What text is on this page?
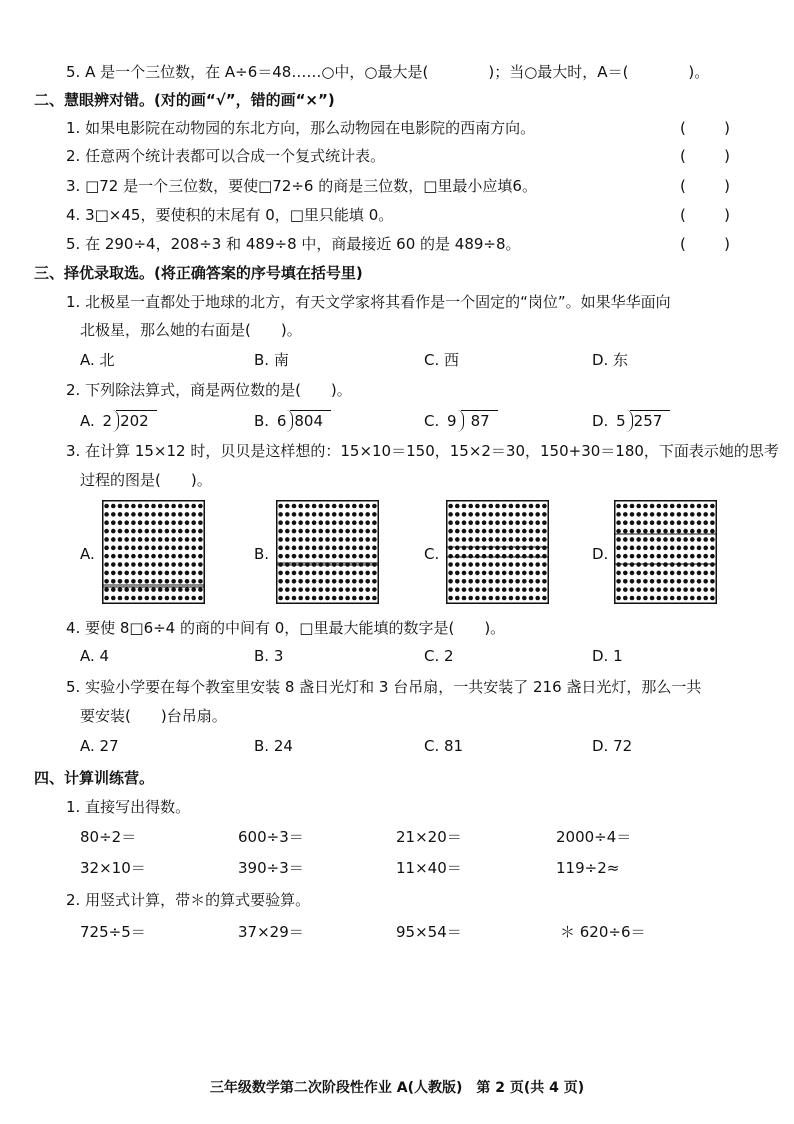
5. A 是一个三位数，在 A÷6＝48……○中，○最大是(　　　　)；当○最大时，A＝(　　　　)。
二、慧眼辨对错。(对的画“√”，错的画“×”)
1. 如果电影院在动物园的东北方向，那么动物园在电影院的西南方向。	(	)
2. 任意两个统计表都可以合成一个复式统计表。	(	)
3. □72 是一个三位数，要使□72÷6 的商是三位数，□里最小应填6。	(	)
4. 3□×45，要使积的末尾有 0，□里只能填 0。	(	)
5. 在 290÷4，208÷3 和 489÷8 中，商最接近 60 的是 489÷8。	(	)
三、择优录取选。(将正确答案的序号填在括号里)
1. 北极星一直都处于地球的北方，有天文学家将其看作是一个固定的“岗位”。如果华华面向
北极星，那么她的右面是(　　)。
A. 北	B. 南	C. 西	D. 东
2. 下列除法算式，商是两位数的是(　　)。
A. 2 202	B. 6 804	C. 9 87	D. 5 257
3. 在计算 15×12 时，贝贝是这样想的：15×10＝150，15×2＝30，150+30＝180，下面表示她的思考
过程的图是(　　)。
A.	B.	C.	D.
4. 要使 8□6÷4 的商的中间有 0，□里最大能填的数字是(　　)。
A. 4	B. 3	C. 2	D. 1
5. 实验小学要在每个教室里安装 8 盏日光灯和 3 台吊扇，一共安装了 216 盏日光灯，那么一共
要安装(　　)台吊扇。
A. 27	B. 24	C. 81	D. 72
四、计算训练营。
1. 直接写出得数。
80÷2＝	600÷3＝	21×20＝	2000÷4＝
32×10＝	390÷3＝	11×40＝	119÷2≈
2. 用竖式计算，带＊的算式要验算。
725÷5＝	37×29＝	95×54＝	＊ 620÷6＝
三年级数学第二次阶段性作业 A(人教版)　第 2 页(共 4 页)
